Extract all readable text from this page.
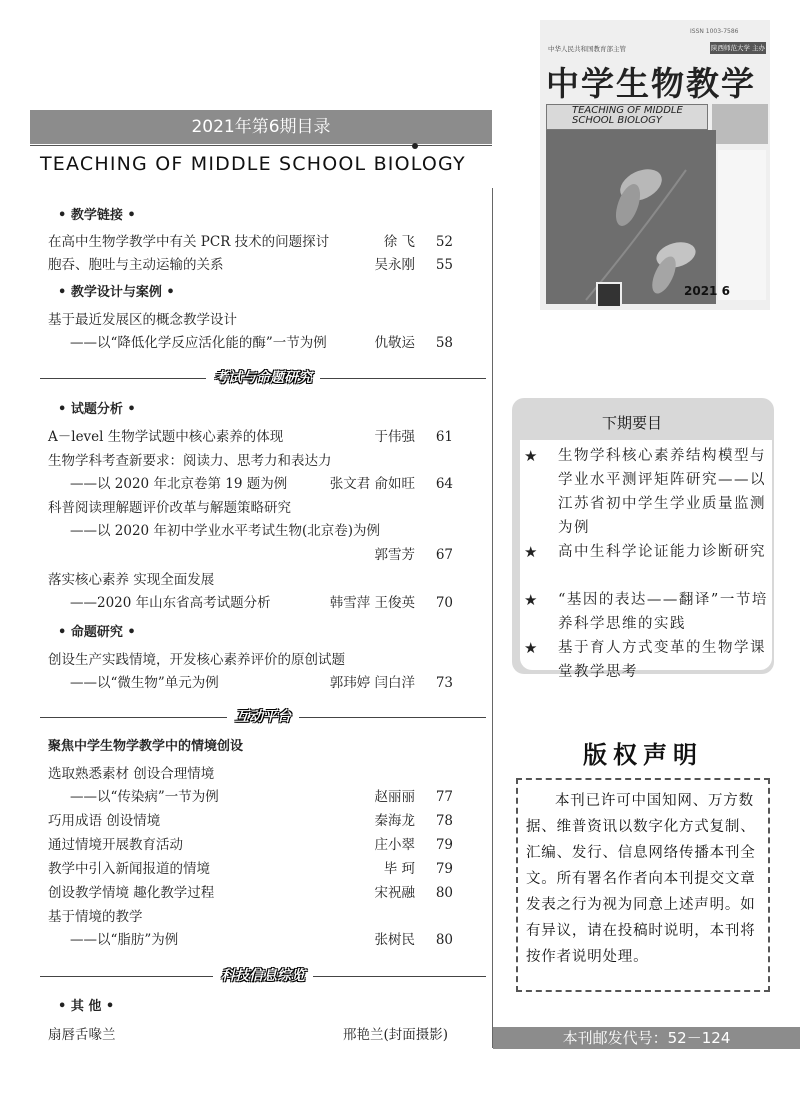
2021年第6期目录
TEACHING OF MIDDLE SCHOOL BIOLOGY
• 教学链接 •
在高中生物学教学中有关 PCR 技术的问题探讨	徐 飞	52
胞吞、胞吐与主动运输的关系	吴永刚	55
• 教学设计与案例 •
基于最近发展区的概念教学设计
——以“降低化学反应活化能的酶”一节为例	仇敬运	58
考试与命题研究
• 试题分析 •
A－level 生物学试题中核心素养的体现	于伟强	61
生物学科考查新要求：阅读力、思考力和表达力
——以 2020 年北京卷第 19 题为例	张文君 俞如旺	64
科普阅读理解题评价改革与解题策略研究
——以 2020 年初中学业水平考试生物(北京卷)为例
郭雪芳	67
落实核心素养 实现全面发展
——2020 年山东省高考试题分析	韩雪萍 王俊英	70
• 命题研究 •
创设生产实践情境，开发核心素养评价的原创试题
——以“微生物”单元为例	郭玮婷 闫白洋	73
互动平台
聚焦中学生物学教学中的情境创设
选取熟悉素材 创设合理情境
——以“传染病”一节为例	赵丽丽	77
巧用成语 创设情境	秦海龙	78
通过情境开展教育活动	庄小翠	79
教学中引入新闻报道的情境	毕 珂	79
创设教学情境 趣化教学过程	宋祝融	80
基于情境的教学
——以“脂肪”为例	张树民	80
科技信息综览
• 其 他 •
扇唇舌喙兰	邢艳兰(封面摄影)
ISSN 1003-7586
中华人民共和国教育部主管	陕西师范大学 主办
中学生物教学
TEACHING OF MIDDLE SCHOOL BIOLOGY
2021 6
下期要目
★ 生物学科核心素养结构模型与学业水平测评矩阵研究——以江苏省初中学生学业质量监测为例
★ 高中生科学论证能力诊断研究
★ “基因的表达——翻译”一节培养科学思维的实践
★ 基于育人方式变革的生物学课堂教学思考
版权声明
本刊已许可中国知网、万方数据、维普资讯以数字化方式复制、汇编、发行、信息网络传播本刊全文。所有署名作者向本刊提交文章发表之行为视为同意上述声明。如有异议，请在投稿时说明，本刊将按作者说明处理。
本刊邮发代号：52－124
